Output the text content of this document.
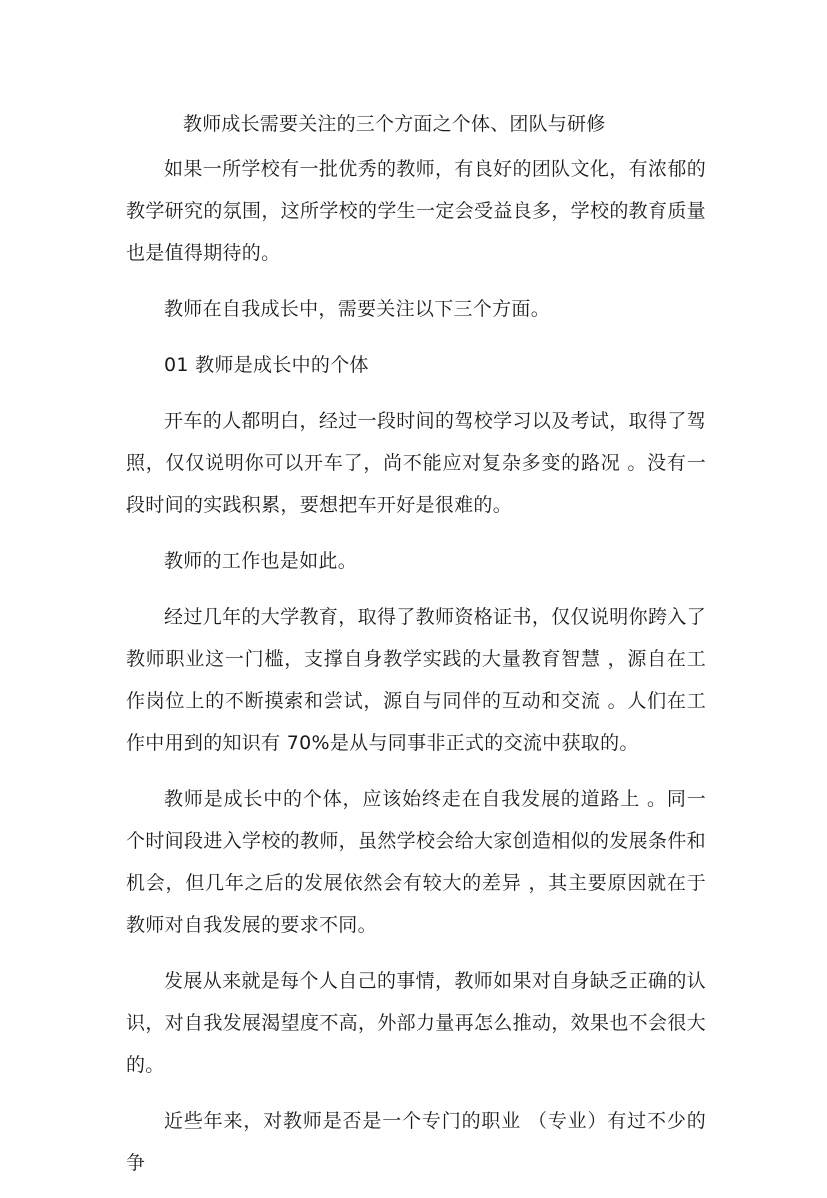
教师成长需要关注的三个方面之个体、团队与研修

如果一所学校有一批优秀的教师，有良好的团队文化，有浓郁的教学研究的氛围，这所学校的学生一定会受益良多，学校的教育质量也是值得期待的。

教师在自我成长中，需要关注以下三个方面。

01 教师是成长中的个体

开车的人都明白，经过一段时间的驾校学习以及考试，取得了驾照，仅仅说明你可以开车了，尚不能应对复杂多变的路况 。没有一段时间的实践积累，要想把车开好是很难的。

教师的工作也是如此。

经过几年的大学教育，取得了教师资格证书，仅仅说明你跨入了教师职业这一门槛，支撑自身教学实践的大量教育智慧 ，源自在工作岗位上的不断摸索和尝试，源自与同伴的互动和交流 。人们在工作中用到的知识有 70%是从与同事非正式的交流中获取的。

教师是成长中的个体，应该始终走在自我发展的道路上 。同一个时间段进入学校的教师，虽然学校会给大家创造相似的发展条件和机会，但几年之后的发展依然会有较大的差异 ，其主要原因就在于教师对自我发展的要求不同。

发展从来就是每个人自己的事情，教师如果对自身缺乏正确的认识，对自我发展渴望度不高，外部力量再怎么推动，效果也不会很大的。

近些年来，对教师是否是一个专门的职业 （专业）有过不少的争
